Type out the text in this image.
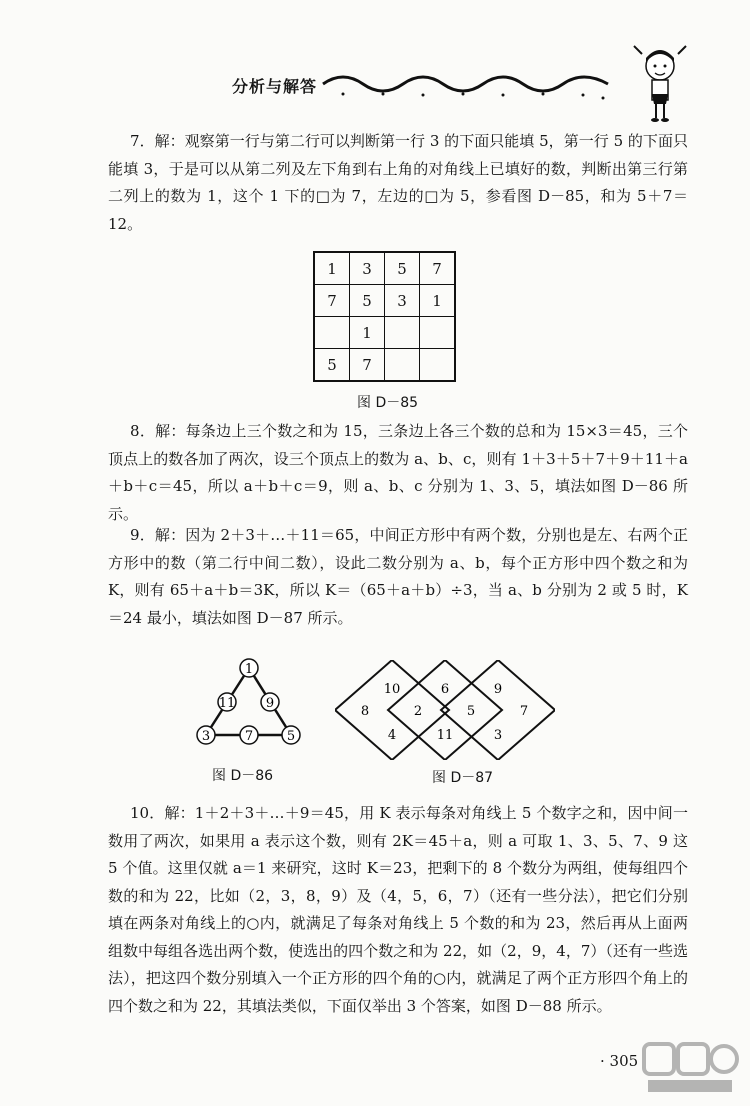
分析与解答

7．解：观察第一行与第二行可以判断第一行 3 的下面只能填 5，第一行 5 的下面只能填 3，于是可以从第二列及左下角到右上角的对角线上已填好的数，判断出第三行第二列上的数为 1，这个 1 下的□为 7，左边的□为 5，参看图 D－85，和为 5＋7＝12。

1	3	5	7
7	5	3	1
	1		
5	7		
图 D－85

8．解：每条边上三个数之和为 15，三条边上各三个数的总和为 15×3＝45，三个顶点上的数各加了两次，设三个顶点上的数为 a、b、c，则有 1＋3＋5＋7＋9＋11＋a＋b＋c＝45，所以 a＋b＋c＝9，则 a、b、c 分别为 1、3、5，填法如图 D－86 所示。

9．解：因为 2＋3＋…＋11＝65，中间正方形中有两个数，分别也是左、右两个正方形中的数（第二行中间二数），设此二数分别为 a、b，每个正方形中四个数之和为 K，则有 65＋a＋b＝3K，所以 K＝（65＋a＋b）÷3，当 a、b 分别为 2 或 5 时，K＝24 最小，填法如图 D－87 所示。

1
11 9
3	7	5
图 D－86
10	6	9
8	2	5	7
4	11	3
图 D－87

10．解：1＋2＋3＋…＋9＝45，用 K 表示每条对角线上 5 个数字之和，因中间一数用了两次，如果用 a 表示这个数，则有 2K＝45＋a，则 a 可取 1、3、5、7、9 这 5 个值。这里仅就 a＝1 来研究，这时 K＝23，把剩下的 8 个数分为两组，使每组四个数的和为 22，比如（2，3，8，9）及（4，5，6，7）（还有一些分法），把它们分别填在两条对角线上的○内，就满足了每条对角线上 5 个数的和为 23，然后再从上面两组数中每组各选出两个数，使选出的四个数之和为 22，如（2，9，4，7）（还有一些选法），把这四个数分别填入一个正方形的四个角的○内，就满足了两个正方形四个角上的四个数之和为 22，其填法类似，下面仅举出 3 个答案，如图 D－88 所示。

· 305
